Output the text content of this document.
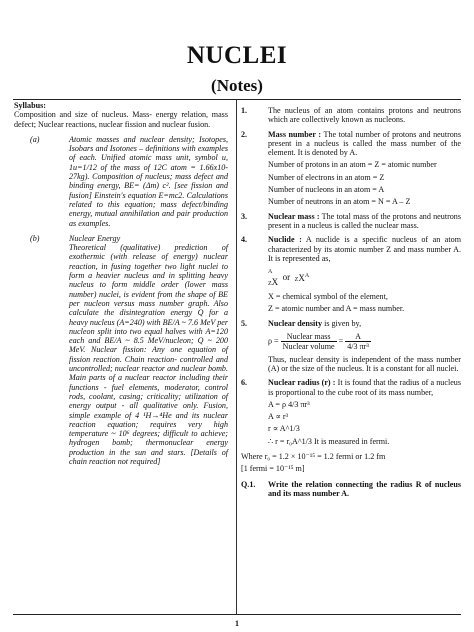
NUCLEI
(Notes)

Syllabus:

Composition and size of nucleus. Mass- energy relation, mass defect; Nuclear reactions, nuclear fission and nuclear fusion.

(a)	Atomic masses and nuclear density; Isotopes, Isobars and Isotones – definitions with examples of each. Unified atomic mass unit, symbol u, 1u=1/12 of the mass of 12C atom = 1.66x10-27kg). Composition of nucleus; mass defect and binding energy, BE= (Δm) c². [see fission and fusion] Einstein's equation E=mc2. Calculations related to this equation; mass defect/binding energy, mutual annihilation and pair production as examples.

(b)	Nuclear Energy

Theoretical (qualitative) prediction of exothermic (with release of energy) nuclear reaction, in fusing together two light nuclei to form a heavier nucleus and in splitting heavy nucleus to form middle order (lower mass number) nuclei, is evident from the shape of BE per nucleon versus mass number graph. Also calculate the disintegration energy Q for a heavy nucleus (A=240) with BE/A ~ 7.6 MeV per nucleon split into two equal halves with A=120 each and BE/A ~ 8.5 MeV/nucleon; Q ~ 200 MeV. Nuclear fission: Any one equation of fission reaction. Chain reaction- controlled and uncontrolled; nuclear reactor and nuclear bomb. Main parts of a nuclear reactor including their functions - fuel elements, moderator, control rods, coolant, casing; criticality; utilization of energy output - all qualitative only. Fusion, simple example of 4 ¹H→⁴He and its nuclear reaction equation; requires very high temperature ~ 10⁶ degrees; difficult to achieve; hydrogen bomb; thermonuclear energy production in the sun and stars. [Details of chain reaction not required]

1.	The nucleus of an atom contains protons and neutrons which are collectively known as nucleons.

2.	Mass number : The total number of protons and neutrons present in a nucleus is called the mass number of the element. It is denoted by A.

Number of protons in an atom = Z = atomic number

Number of electrons in an atom = Z

Number of nucleons in an atom = A

Number of neutrons in an atom = N = A – Z

3.	Nuclear mass : The total mass of the protons and neutrons present in a nucleus is called the nuclear mass.

4.	Nuclide : A nuclide is a specific nucleus of an atom characterized by its atomic number Z and mass number A. It is represented as,

A
ZX or $ZX^A$

X = chemical symbol of the element,

Z = atomic number and A = mass number.

5.	Nuclear density is given by,

$\rho = \frac{\text{Nuclear mass}}{\text{Nuclear volume}} = \frac{A}{\text{4/3 πr³}}$

Thus, nuclear density is independent of the mass number (A) or the size of the nucleus. It is a constant for all nuclei.

6.	Nuclear radius (r) : It is found that the radius of a nucleus is proportional to the cube root of its mass number,

A = ρ 4/3 πr³

A ∝ r³

r ∝ A^1/3

∴ r = r₀A^1/3 It is measured in fermi.

Where r₀ = 1.2 × 10⁻¹⁵ = 1.2 fermi or 1.2 fm

[1 fermi = 10⁻¹⁵ m]

Q.1. Write the relation connecting the radius R of nucleus and its mass number A.

1
